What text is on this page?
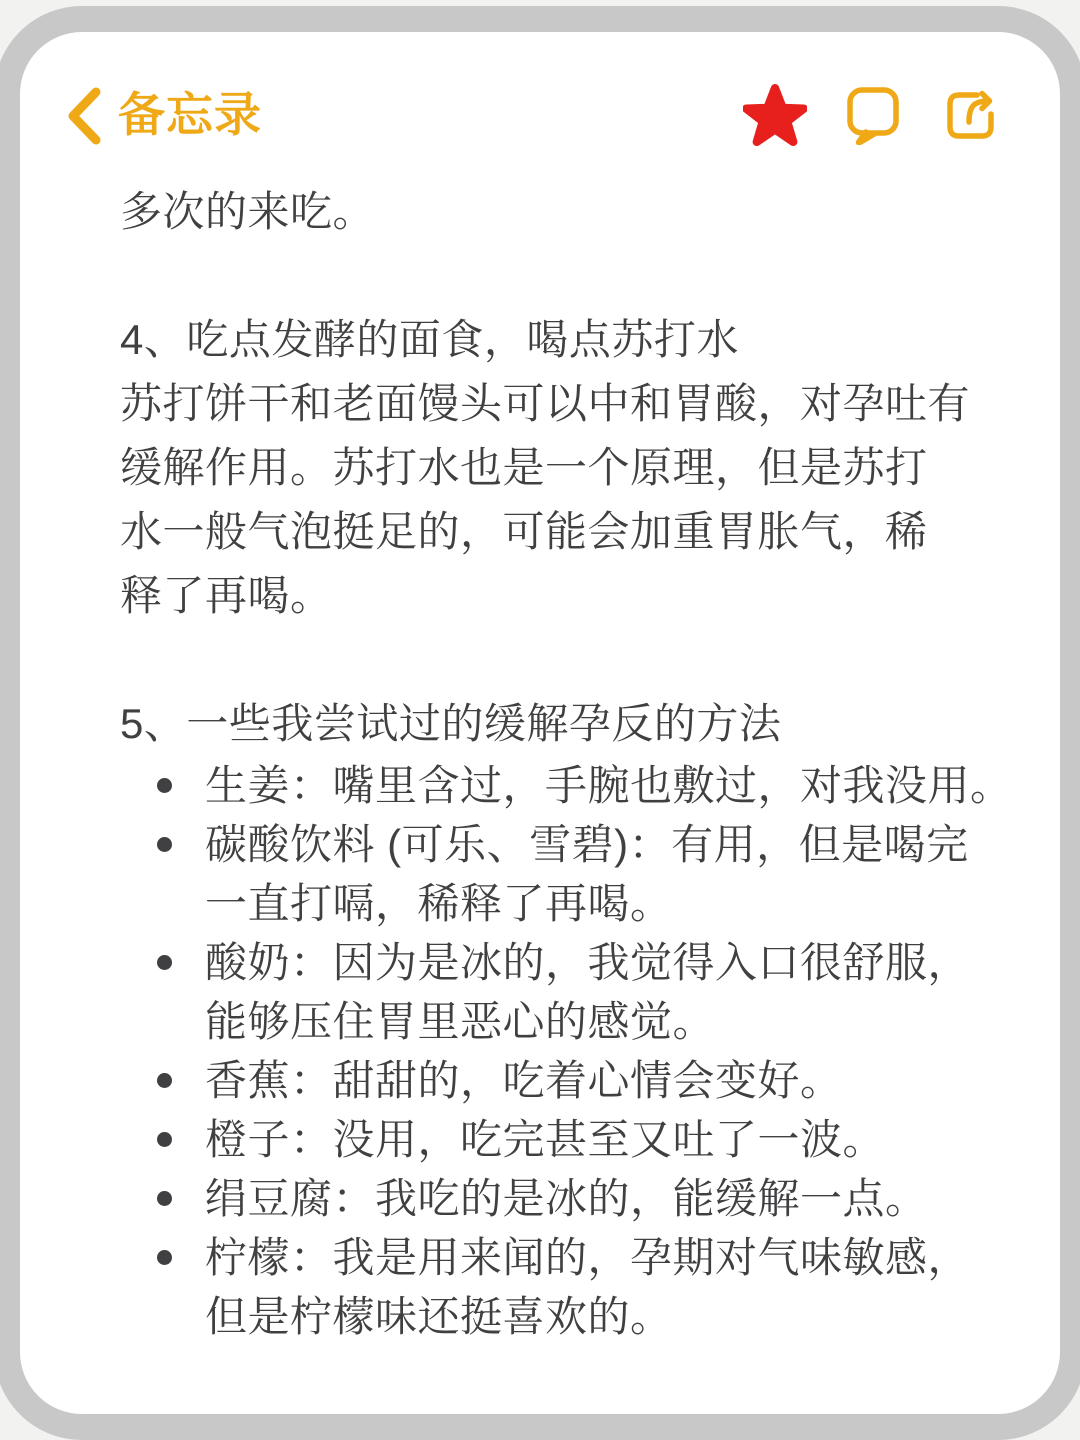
备忘录
多次的来吃。
4、吃点发酵的面食，喝点苏打水
苏打饼干和老面馒头可以中和胃酸，对孕吐有
缓解作用。苏打水也是一个原理，但是苏打
水一般气泡挺足的，可能会加重胃胀气，稀
释了再喝。
5、一些我尝试过的缓解孕反的方法
生姜：嘴里含过，手腕也敷过，对我没用。
碳酸饮料 (可乐、雪碧)：有用，但是喝完
一直打嗝，稀释了再喝。
酸奶：因为是冰的，我觉得入口很舒服，
能够压住胃里恶心的感觉。
香蕉：甜甜的，吃着心情会变好。
橙子：没用，吃完甚至又吐了一波。
绢豆腐：我吃的是冰的，能缓解一点。
柠檬：我是用来闻的，孕期对气味敏感，
但是柠檬味还挺喜欢的。
